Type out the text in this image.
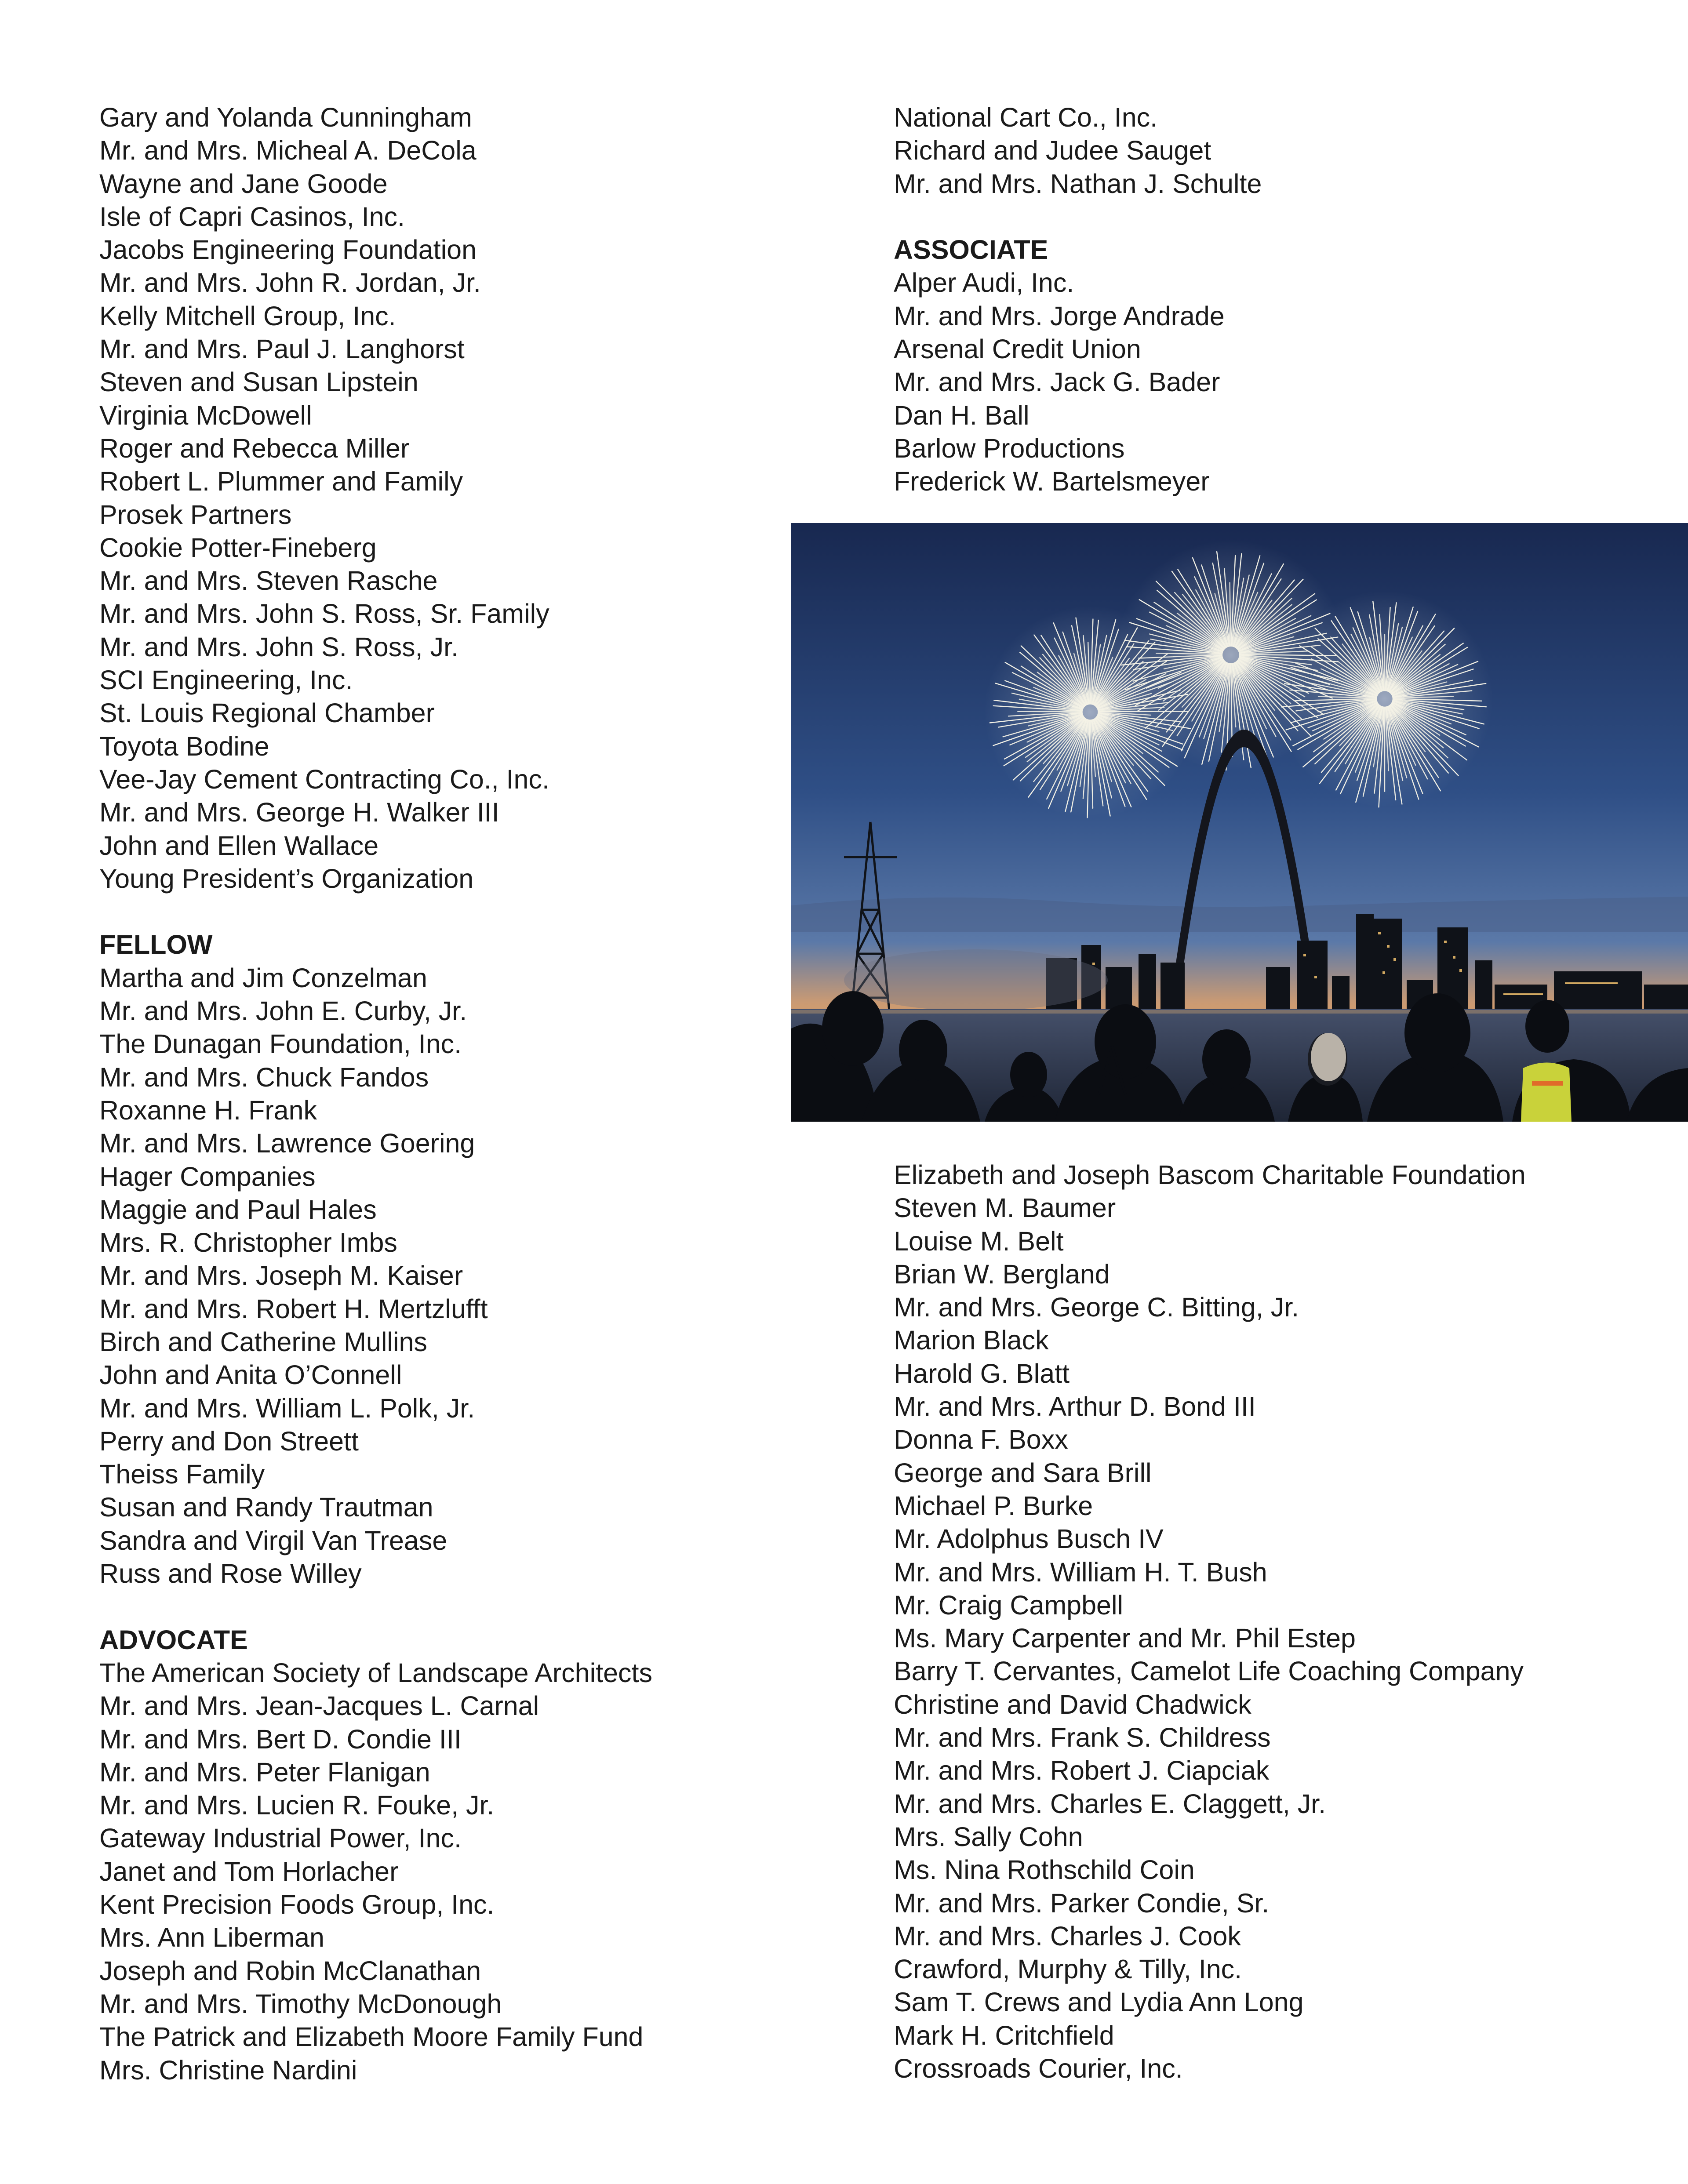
Gary and Yolanda Cunningham
Mr. and Mrs. Micheal A. DeCola
Wayne and Jane Goode
Isle of Capri Casinos, Inc.
Jacobs Engineering Foundation
Mr. and Mrs. John R. Jordan, Jr.
Kelly Mitchell Group, Inc.
Mr. and Mrs. Paul J. Langhorst
Steven and Susan Lipstein
Virginia McDowell
Roger and Rebecca Miller
Robert L. Plummer and Family
Prosek Partners
Cookie Potter-Fineberg
Mr. and Mrs. Steven Rasche
Mr. and Mrs. John S. Ross, Sr. Family
Mr. and Mrs. John S. Ross, Jr.
SCI Engineering, Inc.
St. Louis Regional Chamber
Toyota Bodine
Vee-Jay Cement Contracting Co., Inc.
Mr. and Mrs. George H. Walker III
John and Ellen Wallace
Young President’s Organization
FELLOW
Martha and Jim Conzelman
Mr. and Mrs. John E. Curby, Jr.
The Dunagan Foundation, Inc.
Mr. and Mrs. Chuck Fandos
Roxanne H. Frank
Mr. and Mrs. Lawrence Goering
Hager Companies
Maggie and Paul Hales
Mrs. R. Christopher Imbs
Mr. and Mrs. Joseph M. Kaiser
Mr. and Mrs. Robert H. Mertzlufft
Birch and Catherine Mullins
John and Anita O’Connell
Mr. and Mrs. William L. Polk, Jr.
Perry and Don Streett
Theiss Family
Susan and Randy Trautman
Sandra and Virgil Van Trease
Russ and Rose Willey
ADVOCATE
The American Society of Landscape Architects
Mr. and Mrs. Jean-Jacques L. Carnal
Mr. and Mrs. Bert D. Condie III
Mr. and Mrs. Peter Flanigan
Mr. and Mrs. Lucien R. Fouke, Jr.
Gateway Industrial Power, Inc.
Janet and Tom Horlacher
Kent Precision Foods Group, Inc.
Mrs. Ann Liberman
Joseph and Robin McClanathan
Mr. and Mrs. Timothy McDonough
The Patrick and Elizabeth Moore Family Fund
Mrs. Christine Nardini
National Cart Co., Inc.
Richard and Judee Sauget
Mr. and Mrs. Nathan J. Schulte
ASSOCIATE
Alper Audi, Inc.
Mr. and Mrs. Jorge Andrade
Arsenal Credit Union
Mr. and Mrs. Jack G. Bader
Dan H. Ball
Barlow Productions
Frederick W. Bartelsmeyer
Elizabeth and Joseph Bascom Charitable Foundation
Steven M. Baumer
Louise M. Belt
Brian W. Bergland
Mr. and Mrs. George C. Bitting, Jr.
Marion Black
Harold G. Blatt
Mr. and Mrs. Arthur D. Bond III
Donna F. Boxx
George and Sara Brill
Michael P. Burke
Mr. Adolphus Busch IV
Mr. and Mrs. William H. T. Bush
Mr. Craig Campbell
Ms. Mary Carpenter and Mr. Phil Estep
Barry T. Cervantes, Camelot Life Coaching Company
Christine and David Chadwick
Mr. and Mrs. Frank S. Childress
Mr. and Mrs. Robert J. Ciapciak
Mr. and Mrs. Charles E. Claggett, Jr.
Mrs. Sally Cohn
Ms. Nina Rothschild Coin
Mr. and Mrs. Parker Condie, Sr.
Mr. and Mrs. Charles J. Cook
Crawford, Murphy & Tilly, Inc.
Sam T. Crews and Lydia Ann Long
Mark H. Critchfield
Crossroads Courier, Inc.
